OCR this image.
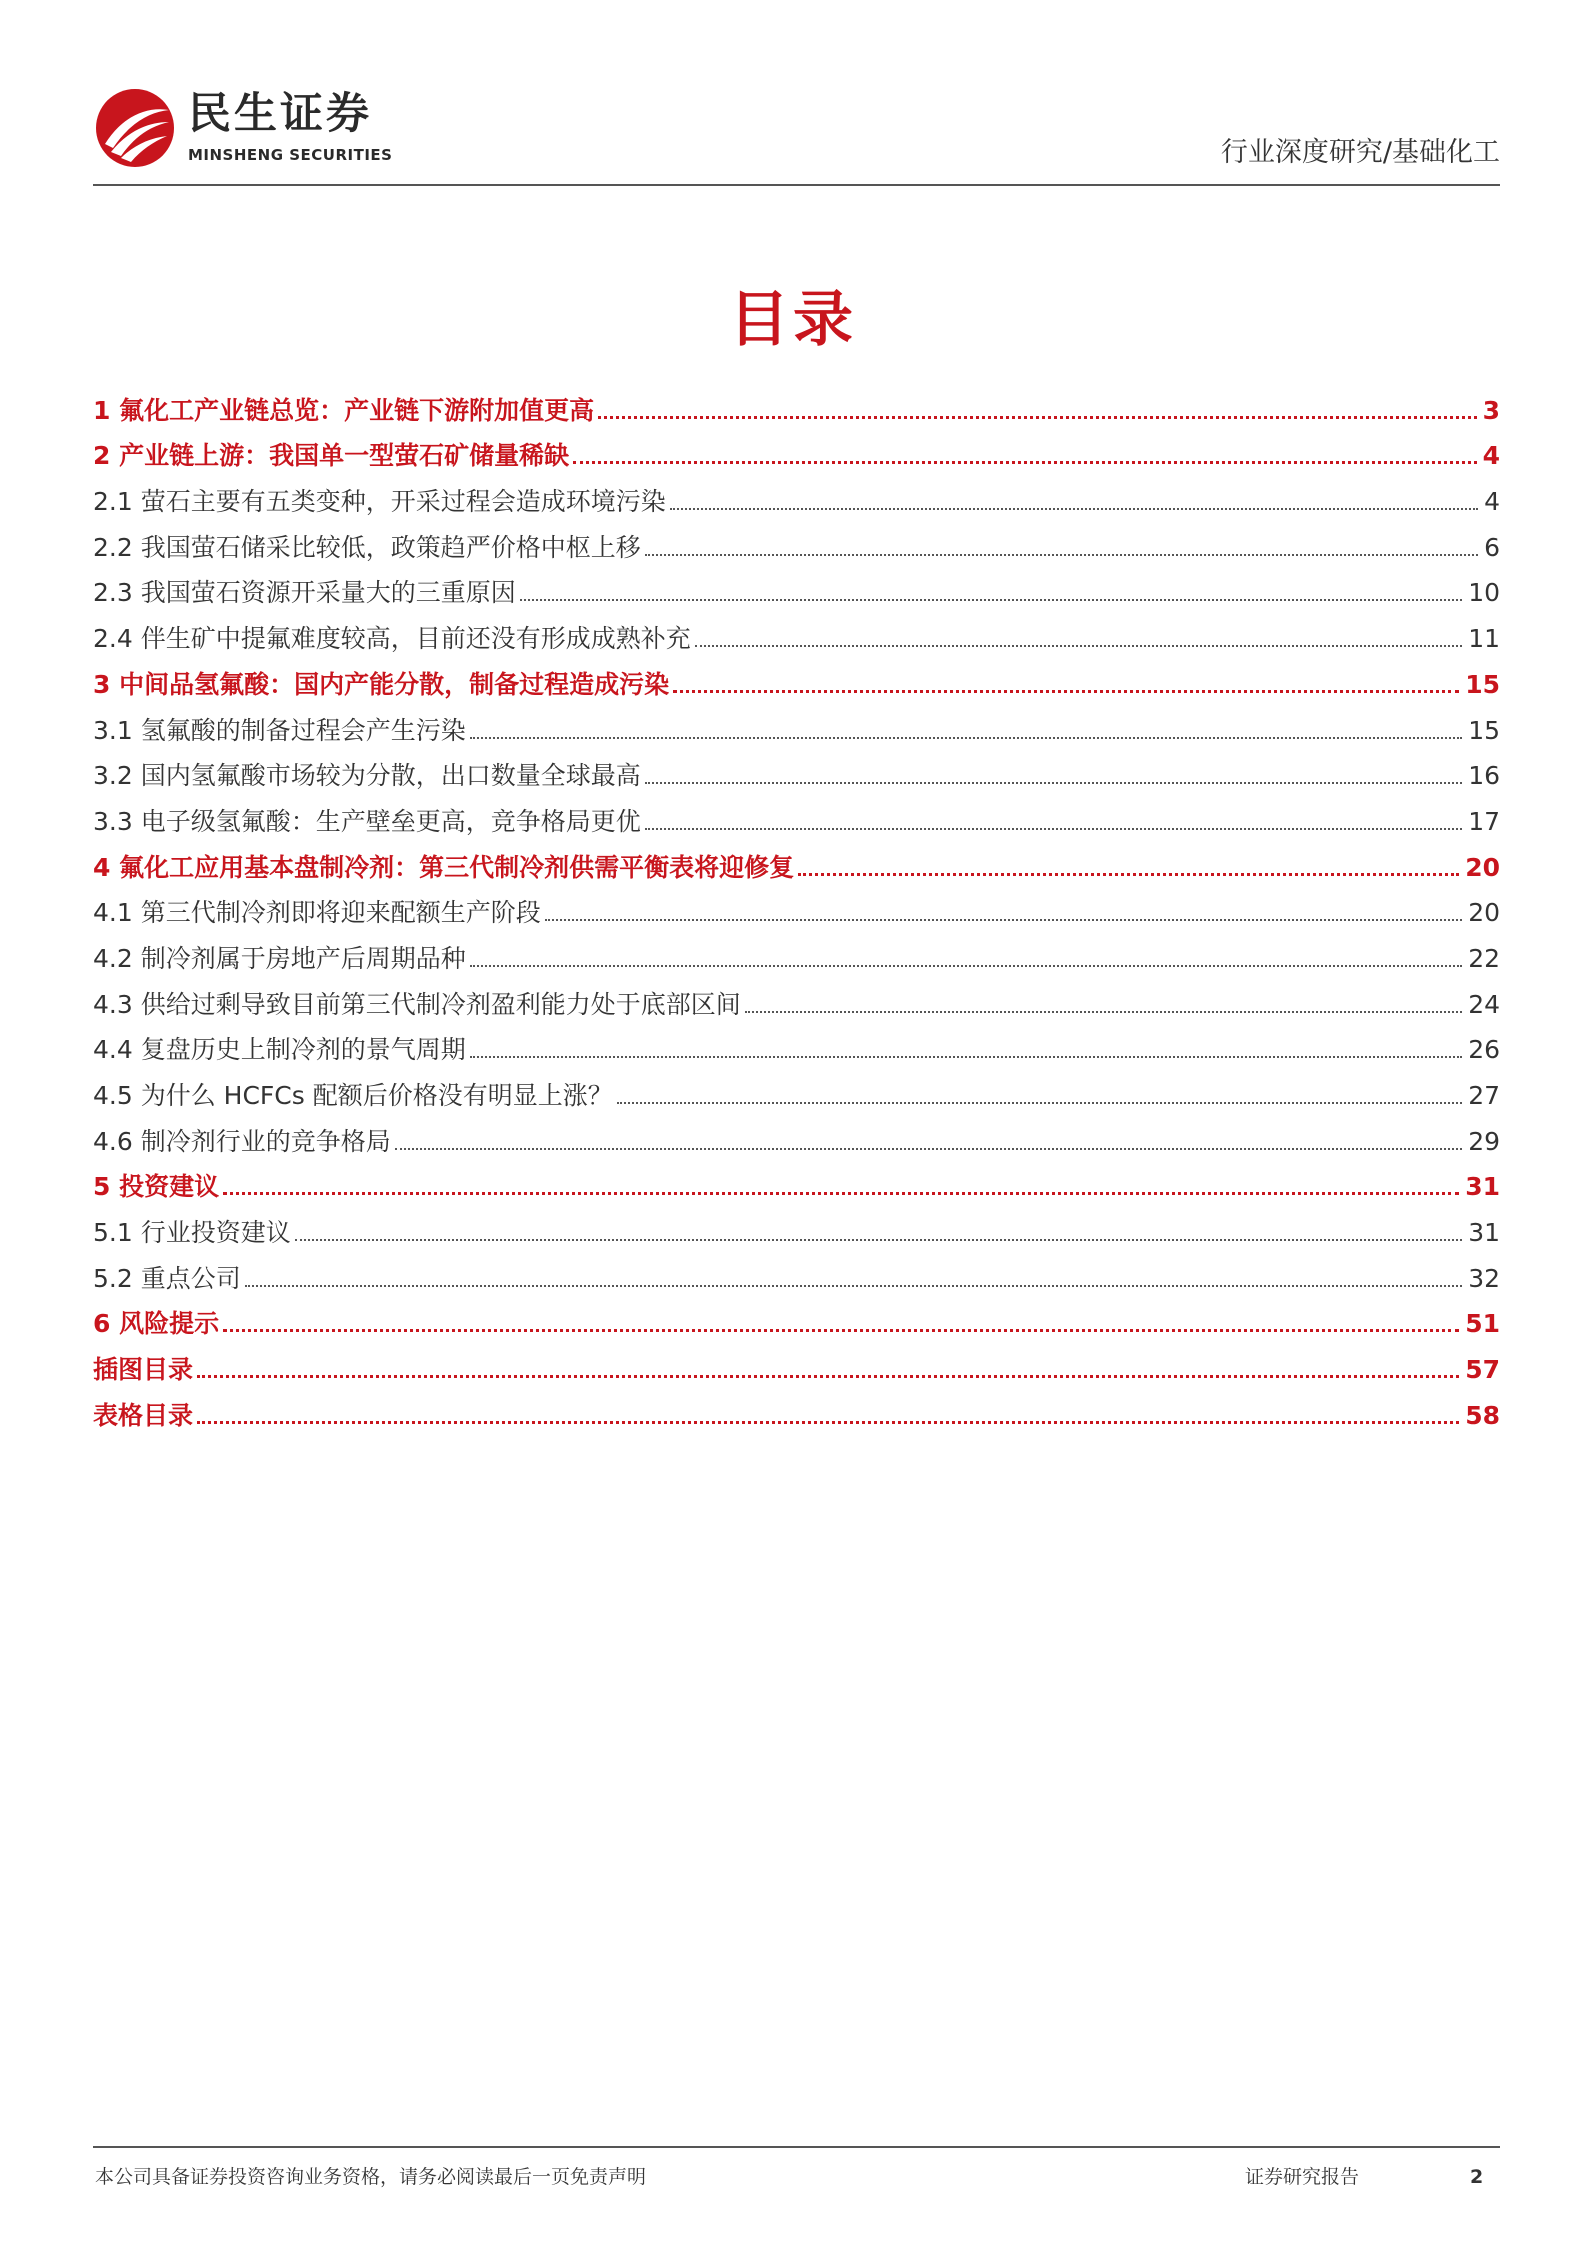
民生证券
MINSHENG SECURITIES	行业深度研究/基础化工
目录
1 氟化工产业链总览：产业链下游附加值更高	3
2 产业链上游：我国单一型萤石矿储量稀缺	4
2.1 萤石主要有五类变种，开采过程会造成环境污染	4
2.2 我国萤石储采比较低，政策趋严价格中枢上移	6
2.3 我国萤石资源开采量大的三重原因	10
2.4 伴生矿中提氟难度较高，目前还没有形成成熟补充	11
3 中间品氢氟酸：国内产能分散，制备过程造成污染	15
3.1 氢氟酸的制备过程会产生污染	15
3.2 国内氢氟酸市场较为分散，出口数量全球最高	16
3.3 电子级氢氟酸：生产壁垒更高，竞争格局更优	17
4 氟化工应用基本盘制冷剂：第三代制冷剂供需平衡表将迎修复	20
4.1 第三代制冷剂即将迎来配额生产阶段	20
4.2 制冷剂属于房地产后周期品种	22
4.3 供给过剩导致目前第三代制冷剂盈利能力处于底部区间	24
4.4 复盘历史上制冷剂的景气周期	26
4.5 为什么 HCFCs 配额后价格没有明显上涨？	27
4.6 制冷剂行业的竞争格局	29
5 投资建议	31
5.1 行业投资建议	31
5.2 重点公司	32
6 风险提示	51
插图目录	57
表格目录	58
本公司具备证券投资咨询业务资格，请务必阅读最后一页免责声明	证券研究报告	2
